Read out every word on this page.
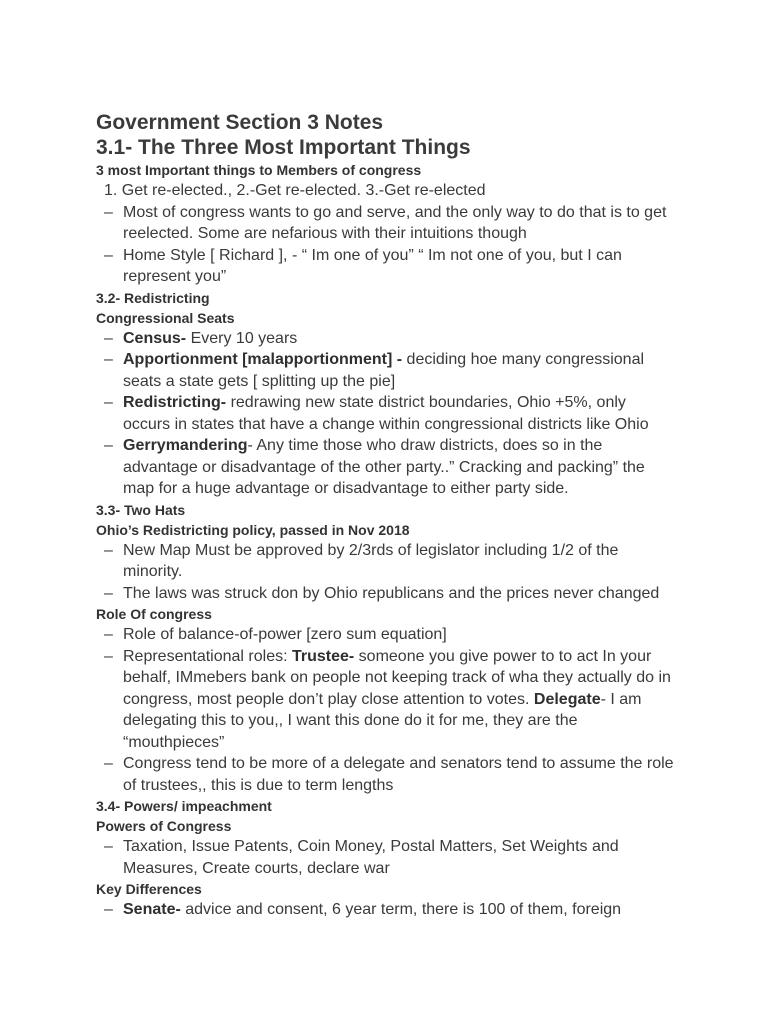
Government Section 3 Notes

3.1- The Three Most Important Things

3 most Important things to Members of congress

1. Get re-elected., 2.-Get re-elected. 3.-Get re-elected

– Most of congress wants to go and serve, and the only way to do that is to get reelected. Some are nefarious with their intuitions though
– Home Style [ Richard ], - “ Im one of you” “ Im not one of you, but I can represent you”

3.2- Redistricting

Congressional Seats

– Census- Every 10 years
– Apportionment [malapportionment] - deciding hoe many congressional seats a state gets [ splitting up the pie]
– Redistricting- redrawing new state district boundaries, Ohio +5%, only occurs in states that have a change within congressional districts like Ohio
– Gerrymandering- Any time those who draw districts, does so in the advantage or disadvantage of the other party..” Cracking and packing” the map for a huge advantage or disadvantage to either party side.

3.3- Two Hats

Ohio’s Redistricting policy, passed in Nov 2018

– New Map Must be approved by 2/3rds of legislator including 1/2 of the minority.
– The laws was struck don by Ohio republicans and the prices never changed

Role Of congress

– Role of balance-of-power [zero sum equation]
– Representational roles: Trustee- someone you give power to to act In your behalf, IMmebers bank on people not keeping track of wha they actually do in congress, most people don’t play close attention to votes. Delegate- I am delegating this to you,, I want this done do it for me, they are the “mouthpieces”
– Congress tend to be more of a delegate and senators tend to assume the role of trustees,, this is due to term lengths

3.4- Powers/ impeachment

Powers of Congress

– Taxation, Issue Patents, Coin Money, Postal Matters, Set Weights and Measures, Create courts, declare war

Key Differences

– Senate- advice and consent, 6 year term, there is 100 of them, foreign
